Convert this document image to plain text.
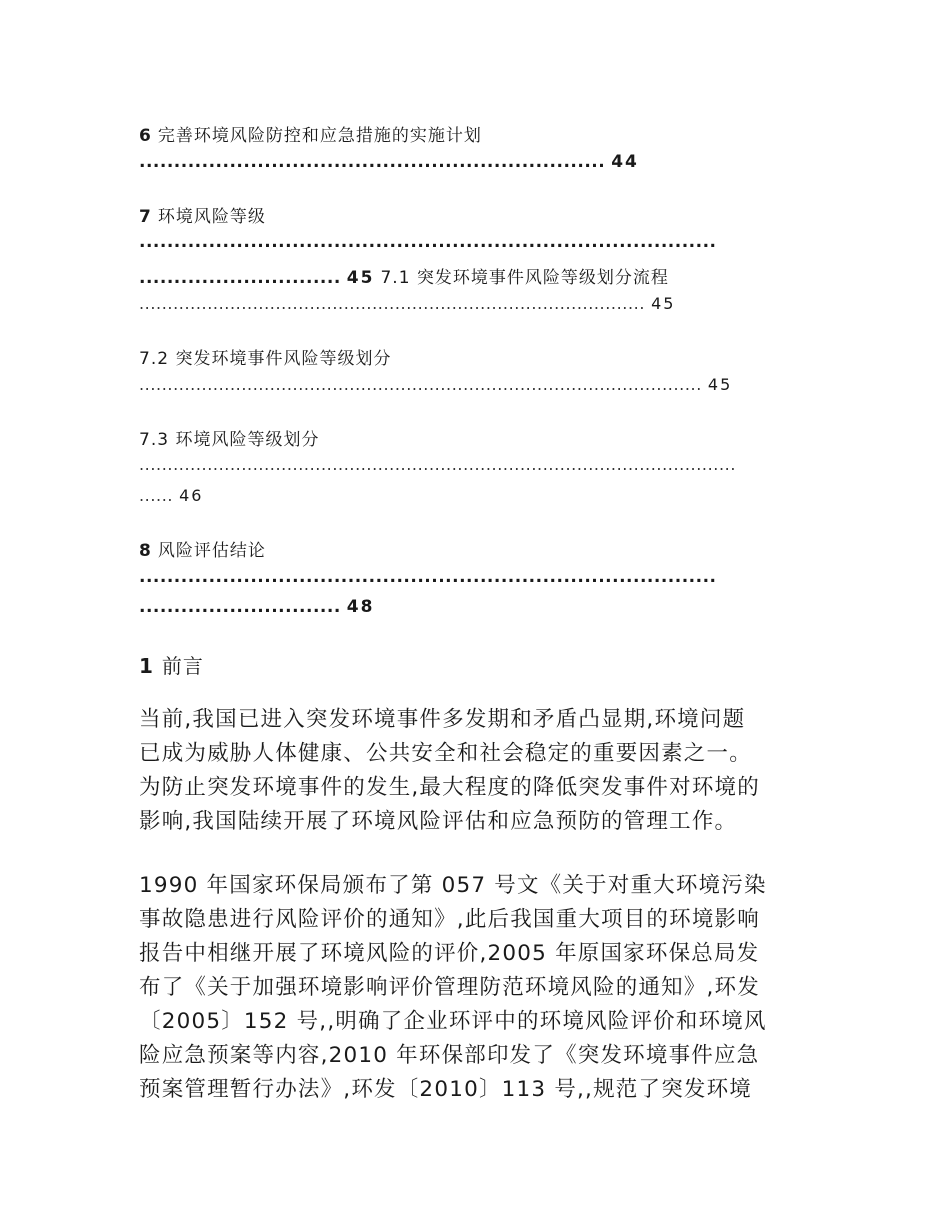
6 完善环境风险防控和应急措施的实施计划
................................................................... 44
7 环境风险等级
...................................................................................
............................. 45 7.1 突发环境事件风险等级划分流程
......................................................................................... 45
7.2 突发环境事件风险等级划分
................................................................................................... 45
7.3 环境风险等级划分
.........................................................................................................
...... 46
8 风险评估结论
...................................................................................
............................. 48
1 前言
当前,我国已进入突发环境事件多发期和矛盾凸显期,环境问题
已成为威胁人体健康、公共安全和社会稳定的重要因素之一。
为防止突发环境事件的发生,最大程度的降低突发事件对环境的
影响,我国陆续开展了环境风险评估和应急预防的管理工作。
1990 年国家环保局颁布了第 057 号文《关于对重大环境污染
事故隐患进行风险评价的通知》,此后我国重大项目的环境影响
报告中相继开展了环境风险的评价,2005 年原国家环保总局发
布了《关于加强环境影响评价管理防范环境风险的通知》,环发
〔2005〕152 号,,明确了企业环评中的环境风险评价和环境风
险应急预案等内容,2010 年环保部印发了《突发环境事件应急
预案管理暂行办法》,环发〔2010〕113 号,,规范了突发环境
